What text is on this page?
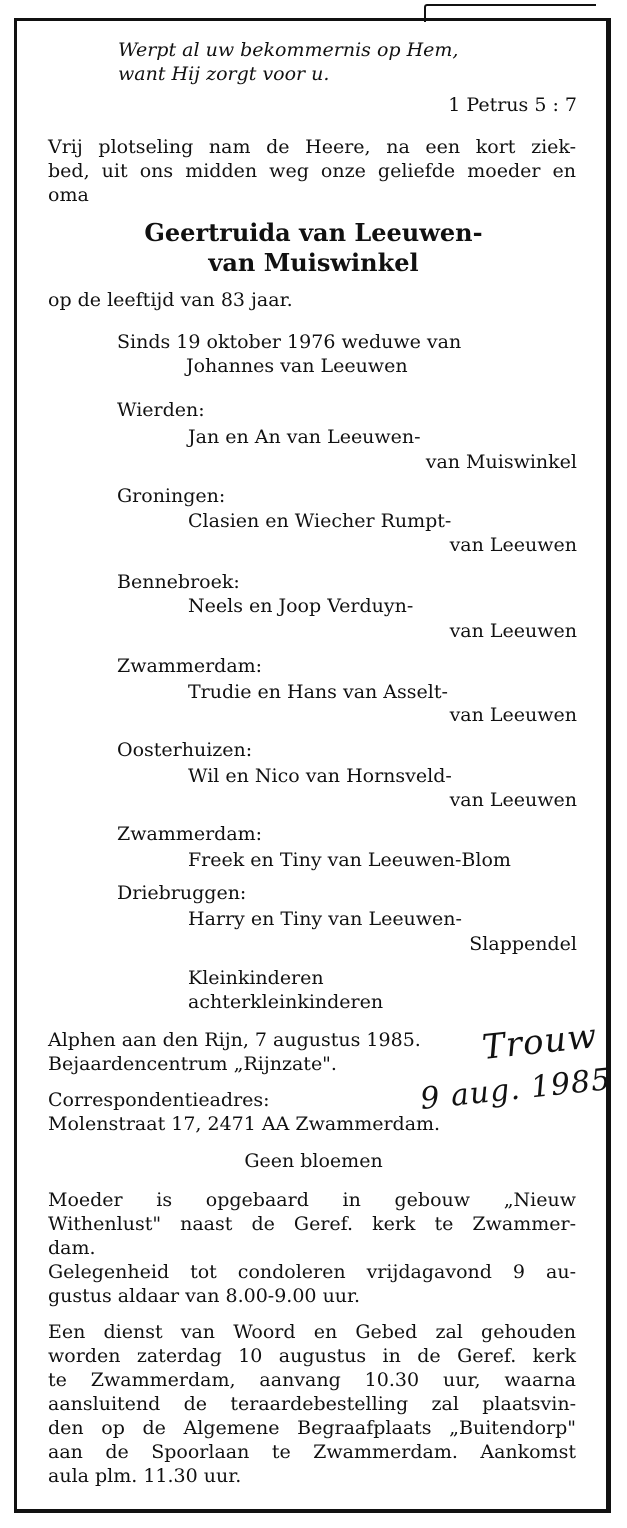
Werpt al uw bekommernis op Hem,

want Hij zorgt voor u.

1 Petrus 5 : 7

Vrij plotseling nam de Heere, na een kort ziek-

bed, uit ons midden weg onze geliefde moeder en

oma

Geertruida van Leeuwen-

van Muiswinkel

op de leeftijd van 83 jaar.

Sinds 19 oktober 1976 weduwe van

Johannes van Leeuwen

Wierden:

Jan en An van Leeuwen-

van Muiswinkel

Groningen:

Clasien en Wiecher Rumpt-

van Leeuwen

Bennebroek:

Neels en Joop Verduyn-

van Leeuwen

Zwammerdam:

Trudie en Hans van Asselt-

van Leeuwen

Oosterhuizen:

Wil en Nico van Hornsveld-

van Leeuwen

Zwammerdam:

Freek en Tiny van Leeuwen-Blom

Driebruggen:

Harry en Tiny van Leeuwen-

Slappendel

Kleinkinderen

achterkleinkinderen

Alphen aan den Rijn, 7 augustus 1985.

Bejaardencentrum „Rijnzate".

Correspondentieadres:

Molenstraat 17, 2471 AA Zwammerdam.

Trouw
9 aug. 1985

Geen bloemen

Moeder is opgebaard in gebouw „Nieuw

Withenlust" naast de Geref. kerk te Zwammer-

dam.

Gelegenheid tot condoleren vrijdagavond 9 au-

gustus aldaar van 8.00-9.00 uur.

Een dienst van Woord en Gebed zal gehouden

worden zaterdag 10 augustus in de Geref. kerk

te Zwammerdam, aanvang 10.30 uur, waarna

aansluitend de teraardebestelling zal plaatsvin-

den op de Algemene Begraafplaats „Buitendorp"

aan de Spoorlaan te Zwammerdam. Aankomst

aula plm. 11.30 uur.
